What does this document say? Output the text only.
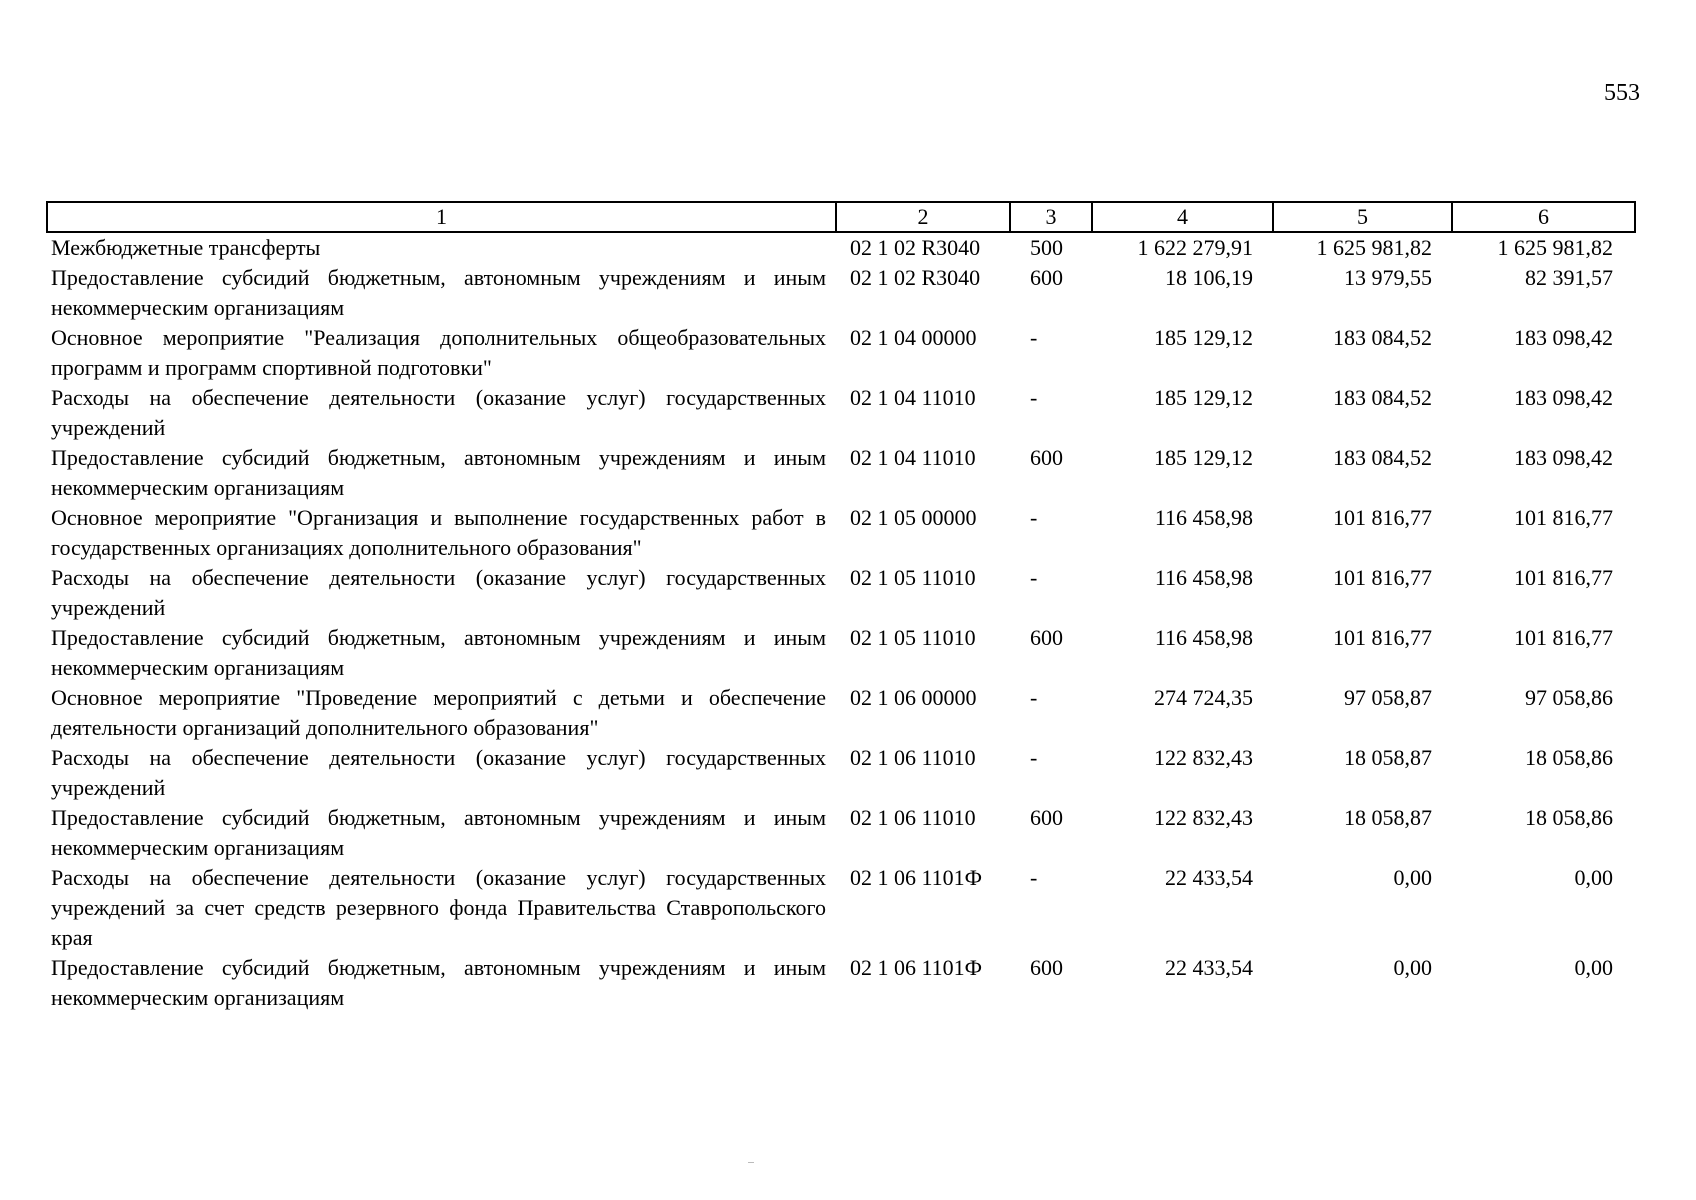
553
1	2	3	4	5	6
Межбюджетные трансферты	02 1 02 R3040	500	1 622 279,91	1 625 981,82	1 625 981,82
Предоставление субсидий бюджетным, автономным учреждениям и иным некоммерческим организациям	02 1 02 R3040	600	18 106,19	13 979,55	82 391,57
Основное мероприятие "Реализация дополнительных общеобразовательных программ и программ спортивной подготовки"	02 1 04 00000	-	185 129,12	183 084,52	183 098,42
Расходы на обеспечение деятельности (оказание услуг) государственных учреждений	02 1 04 11010	-	185 129,12	183 084,52	183 098,42
Предоставление субсидий бюджетным, автономным учреждениям и иным некоммерческим организациям	02 1 04 11010	600	185 129,12	183 084,52	183 098,42
Основное мероприятие "Организация и выполнение государственных работ в государственных организациях дополнительного образования"	02 1 05 00000	-	116 458,98	101 816,77	101 816,77
Расходы на обеспечение деятельности (оказание услуг) государственных учреждений	02 1 05 11010	-	116 458,98	101 816,77	101 816,77
Предоставление субсидий бюджетным, автономным учреждениям и иным некоммерческим организациям	02 1 05 11010	600	116 458,98	101 816,77	101 816,77
Основное мероприятие "Проведение мероприятий с детьми и обеспечение деятельности организаций дополнительного образования"	02 1 06 00000	-	274 724,35	97 058,87	97 058,86
Расходы на обеспечение деятельности (оказание услуг) государственных учреждений	02 1 06 11010	-	122 832,43	18 058,87	18 058,86
Предоставление субсидий бюджетным, автономным учреждениям и иным некоммерческим организациям	02 1 06 11010	600	122 832,43	18 058,87	18 058,86
Расходы на обеспечение деятельности (оказание услуг) государственных учреждений за счет средств резервного фонда Правительства Ставропольского края	02 1 06 1101Ф	-	22 433,54	0,00	0,00
Предоставление субсидий бюджетным, автономным учреждениям и иным некоммерческим организациям	02 1 06 1101Ф	600	22 433,54	0,00	0,00
